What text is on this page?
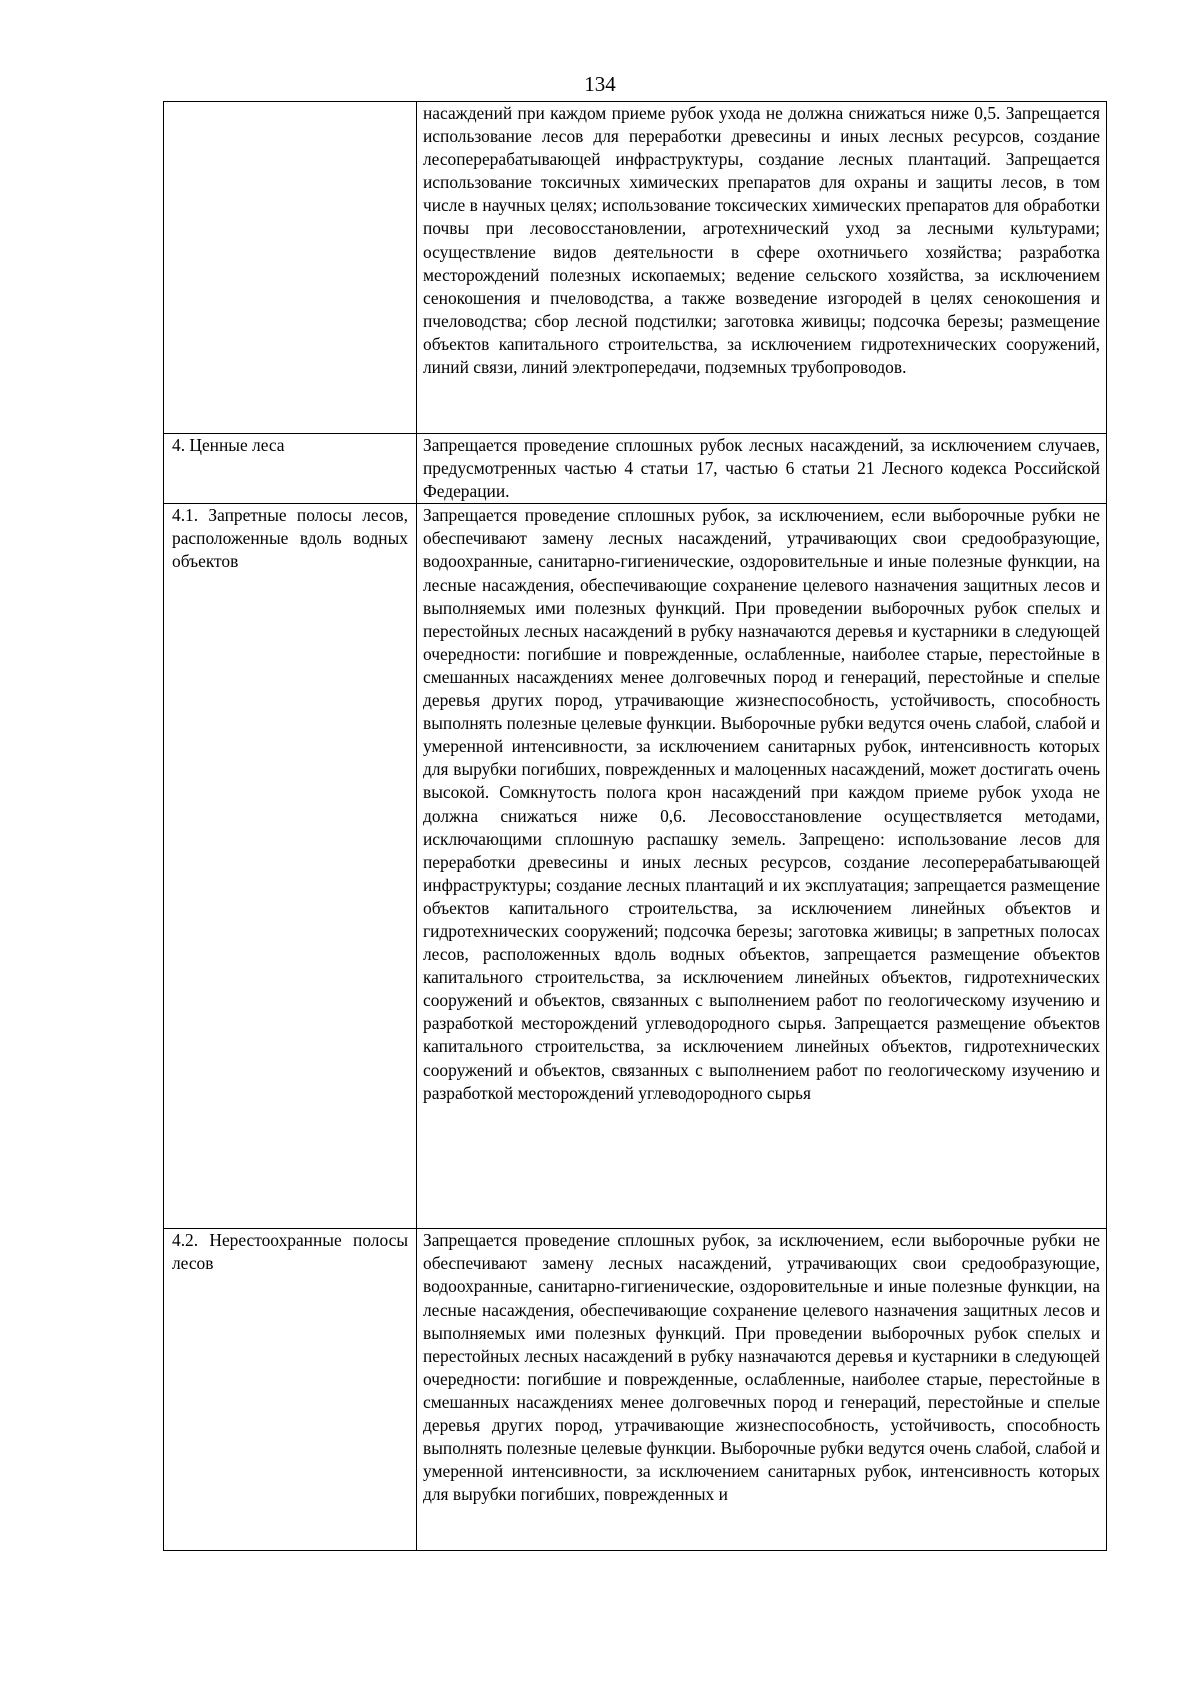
134
	насаждений при каждом приеме рубок ухода не должна снижаться ниже 0,5. Запрещается использование лесов для переработки древесины и иных лесных ресурсов, создание лесоперерабатывающей инфраструктуры, создание лесных плантаций. Запрещается использование токсичных химических препаратов для охраны и защиты лесов, в том числе в научных целях; использование токсических химических препаратов для обработки почвы при лесовосстановлении, агротехнический уход за лесными культурами; осуществление видов деятельности в сфере охотничьего хозяйства; разработка месторождений полезных ископаемых; ведение сельского хозяйства, за исключением сенокошения и пчеловодства, а также возведение изгородей в целях сенокошения и пчеловодства; сбор лесной подстилки; заготовка живицы; подсочка березы; размещение объектов капитального строительства, за исключением гидротехнических сооружений, линий связи, линий электропередачи, подземных трубопроводов.
4. Ценные леса	Запрещается проведение сплошных рубок лесных насаждений, за исключением случаев, предусмотренных частью 4 статьи 17, частью 6 статьи 21 Лесного кодекса Российской Федерации.
4.1. Запретные полосы лесов, расположенные вдоль водных объектов	Запрещается проведение сплошных рубок, за исключением, если выборочные рубки не обеспечивают замену лесных насаждений, утрачивающих свои средообразующие, водоохранные, санитарно-гигиенические, оздоровительные и иные полезные функции, на лесные насаждения, обеспечивающие сохранение целевого назначения защитных лесов и выполняемых ими полезных функций. При проведении выборочных рубок спелых и перестойных лесных насаждений в рубку назначаются деревья и кустарники в следующей очередности: погибшие и поврежденные, ослабленные, наиболее старые, перестойные в смешанных насаждениях менее долговечных пород и генераций, перестойные и спелые деревья других пород, утрачивающие жизнеспособность, устойчивость, способность выполнять полезные целевые функции. Выборочные рубки ведутся очень слабой, слабой и умеренной интенсивности, за исключением санитарных рубок, интенсивность которых для вырубки погибших, поврежденных и малоценных насаждений, может достигать очень высокой. Сомкнутость полога крон насаждений при каждом приеме рубок ухода не должна снижаться ниже 0,6. Лесовосстановление осуществляется методами, исключающими сплошную распашку земель. Запрещено: использование лесов для переработки древесины и иных лесных ресурсов, создание лесоперерабатывающей инфраструктуры; создание лесных плантаций и их эксплуатация; запрещается размещение объектов капитального строительства, за исключением линейных объектов и гидротехнических сооружений; подсочка березы; заготовка живицы; в запретных полосах лесов, расположенных вдоль водных объектов, запрещается размещение объектов капитального строительства, за исключением линейных объектов, гидротехнических сооружений и объектов, связанных с выполнением работ по геологическому изучению и разработкой месторождений углеводородного сырья. Запрещается размещение объектов капитального строительства, за исключением линейных объектов, гидротехнических сооружений и объектов, связанных с выполнением работ по геологическому изучению и разработкой месторождений углеводородного сырья
4.2. Нерестоохранные полосы лесов	Запрещается проведение сплошных рубок, за исключением, если выборочные рубки не обеспечивают замену лесных насаждений, утрачивающих свои средообразующие, водоохранные, санитарно-гигиенические, оздоровительные и иные полезные функции, на лесные насаждения, обеспечивающие сохранение целевого назначения защитных лесов и выполняемых ими полезных функций. При проведении выборочных рубок спелых и перестойных лесных насаждений в рубку назначаются деревья и кустарники в следующей очередности: погибшие и поврежденные, ослабленные, наиболее старые, перестойные в смешанных насаждениях менее долговечных пород и генераций, перестойные и спелые деревья других пород, утрачивающие жизнеспособность, устойчивость, способность выполнять полезные целевые функции. Выборочные рубки ведутся очень слабой, слабой и умеренной интенсивности, за исключением санитарных рубок, интенсивность которых для вырубки погибших, поврежденных и
